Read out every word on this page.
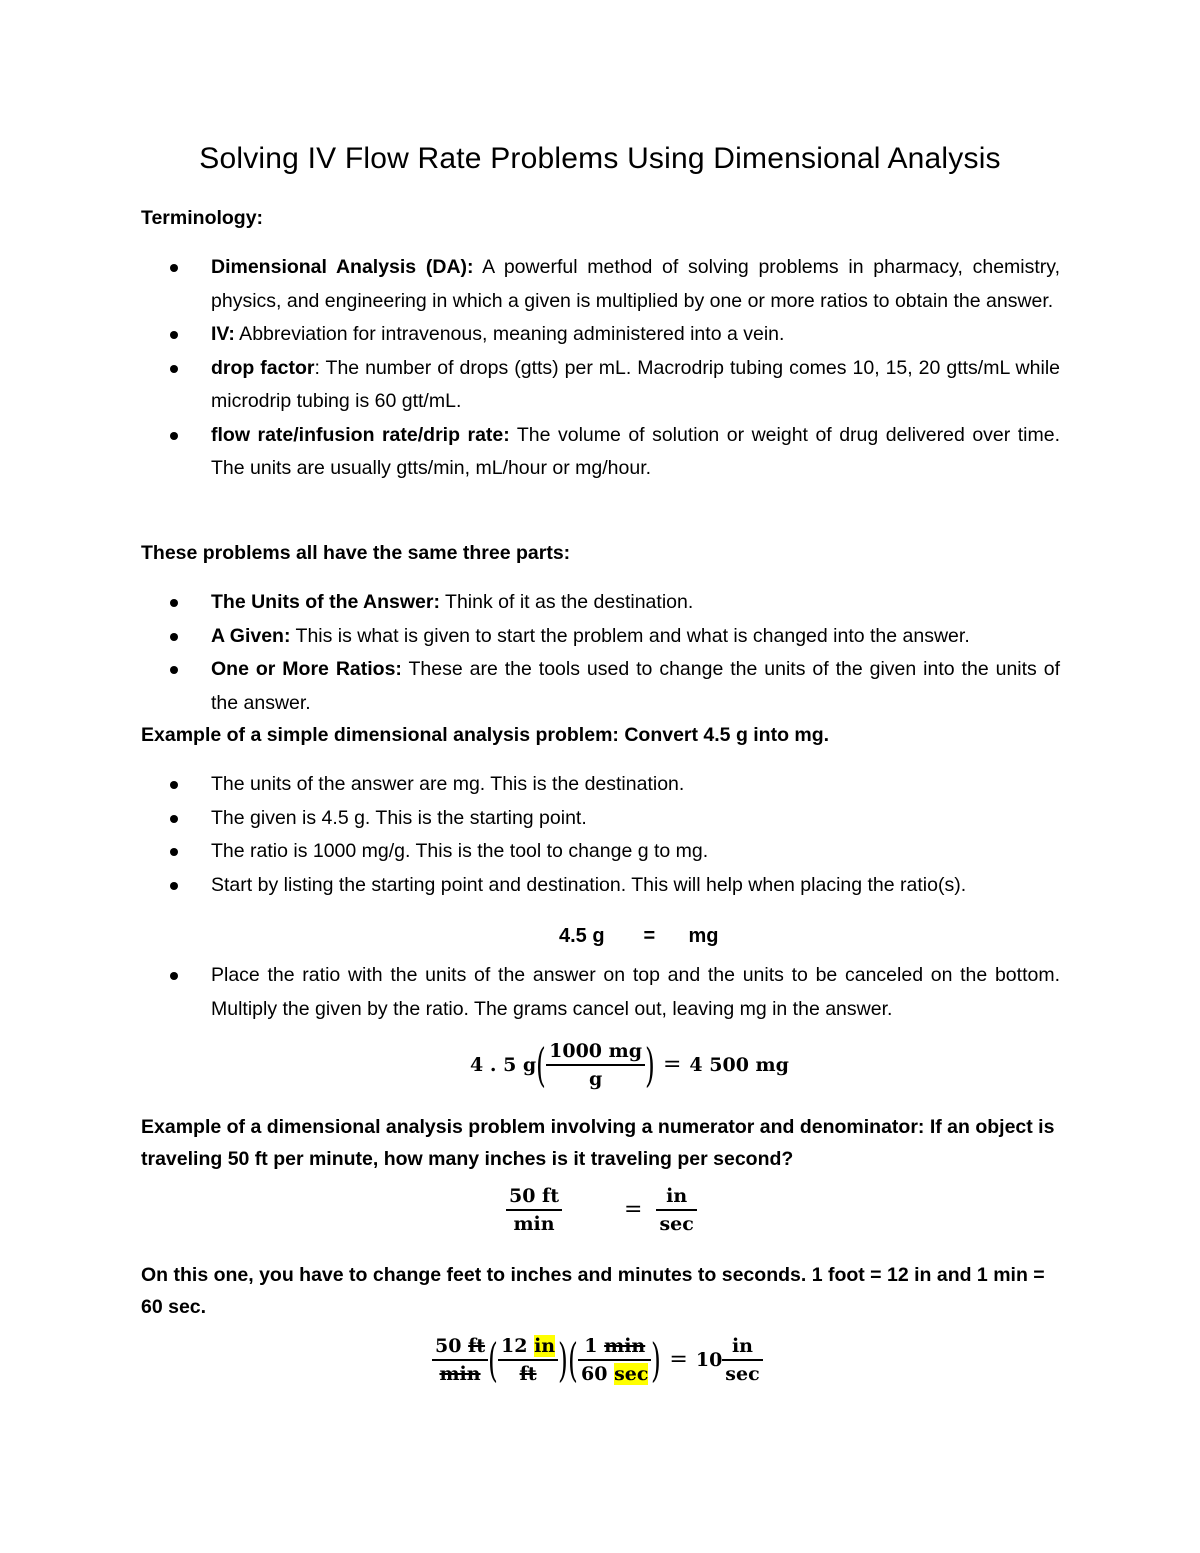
Solving IV Flow Rate Problems Using Dimensional Analysis

Terminology:

Dimensional Analysis (DA): A powerful method of solving problems in pharmacy, chemistry, physics, and engineering in which a given is multiplied by one or more ratios to obtain the answer.
IV: Abbreviation for intravenous, meaning administered into a vein.
drop factor: The number of drops (gtts) per mL. Macrodrip tubing comes 10, 15, 20 gtts/mL while microdrip tubing is 60 gtt/mL.
flow rate/infusion rate/drip rate: The volume of solution or weight of drug delivered over time. The units are usually gtts/min, mL/hour or mg/hour.

These problems all have the same three parts:

The Units of the Answer: Think of it as the destination.
A Given: This is what is given to start the problem and what is changed into the answer.
One or More Ratios: These are the tools used to change the units of the given into the units of the answer.

Example of a simple dimensional analysis problem: Convert 4.5 g into mg.

The units of the answer are mg. This is the destination.
The given is 4.5 g. This is the starting point.
The ratio is 1000 mg/g. This is the tool to change g to mg.
Start by listing the starting point and destination. This will help when placing the ratio(s).
4.5 g = mg
Place the ratio with the units of the answer on top and the units to be canceled on the bottom. Multiply the given by the ratio. The grams cancel out, leaving mg in the answer.
4 . 5 g ( $\frac{1000 mg}{g}$ ) = 4 500 mg

Example of a dimensional analysis problem involving a numerator and denominator: If an object is traveling 50 ft per minute, how many inches is it traveling per second?

$\frac{50 ft}{\min}$	= $\frac{in}{\sec}$

On this one, you have to change feet to inches and minutes to seconds. 1 foot = 12 in and 1 min = 60 sec.

$\frac{50 ft}{\min}$ ( $\frac{12 in}{ft}$ ) ( $\frac{1 \min}{60 \sec}$ ) = $10 \frac{in}{\sec}$
